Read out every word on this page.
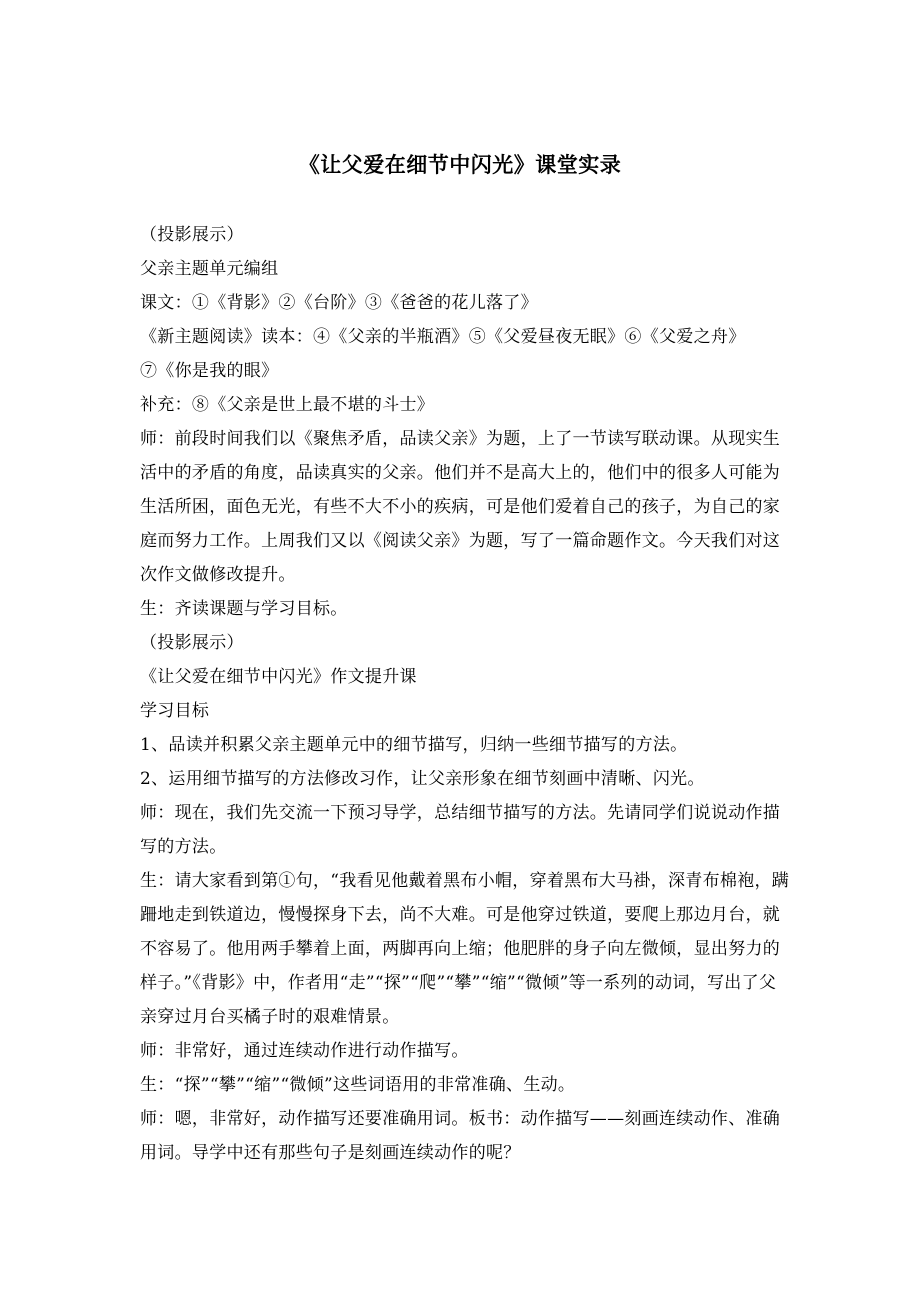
《让父爱在细节中闪光》课堂实录

（投影展示）

父亲主题单元编组

课文：①《背影》②《台阶》③《爸爸的花儿落了》

《新主题阅读》读本：④《父亲的半瓶酒》⑤《父爱昼夜无眠》⑥《父爱之舟》

⑦《你是我的眼》

补充：⑧《父亲是世上最不堪的斗士》

师：前段时间我们以《聚焦矛盾，品读父亲》为题，上了一节读写联动课。从现实生活中的矛盾的角度，品读真实的父亲。他们并不是高大上的，他们中的很多人可能为生活所困，面色无光，有些不大不小的疾病，可是他们爱着自己的孩子，为自己的家庭而努力工作。上周我们又以《阅读父亲》为题，写了一篇命题作文。今天我们对这次作文做修改提升。

生：齐读课题与学习目标。

（投影展示）

《让父爱在细节中闪光》作文提升课

学习目标

1、品读并积累父亲主题单元中的细节描写，归纳一些细节描写的方法。

2、运用细节描写的方法修改习作，让父亲形象在细节刻画中清晰、闪光。

师：现在，我们先交流一下预习导学，总结细节描写的方法。先请同学们说说动作描写的方法。

生：请大家看到第①句，“我看见他戴着黑布小帽，穿着黑布大马褂，深青布棉袍，蹒跚地走到铁道边，慢慢探身下去，尚不大难。可是他穿过铁道，要爬上那边月台，就不容易了。他用两手攀着上面，两脚再向上缩；他肥胖的身子向左微倾，显出努力的样子。”《背影》中，作者用“走”“探”“爬”“攀”“缩”“微倾”等一系列的动词，写出了父亲穿过月台买橘子时的艰难情景。

师：非常好，通过连续动作进行动作描写。

生：“探”“攀”“缩”“微倾”这些词语用的非常准确、生动。

师：嗯，非常好，动作描写还要准确用词。板书：动作描写——刻画连续动作、准确用词。导学中还有那些句子是刻画连续动作的呢？
